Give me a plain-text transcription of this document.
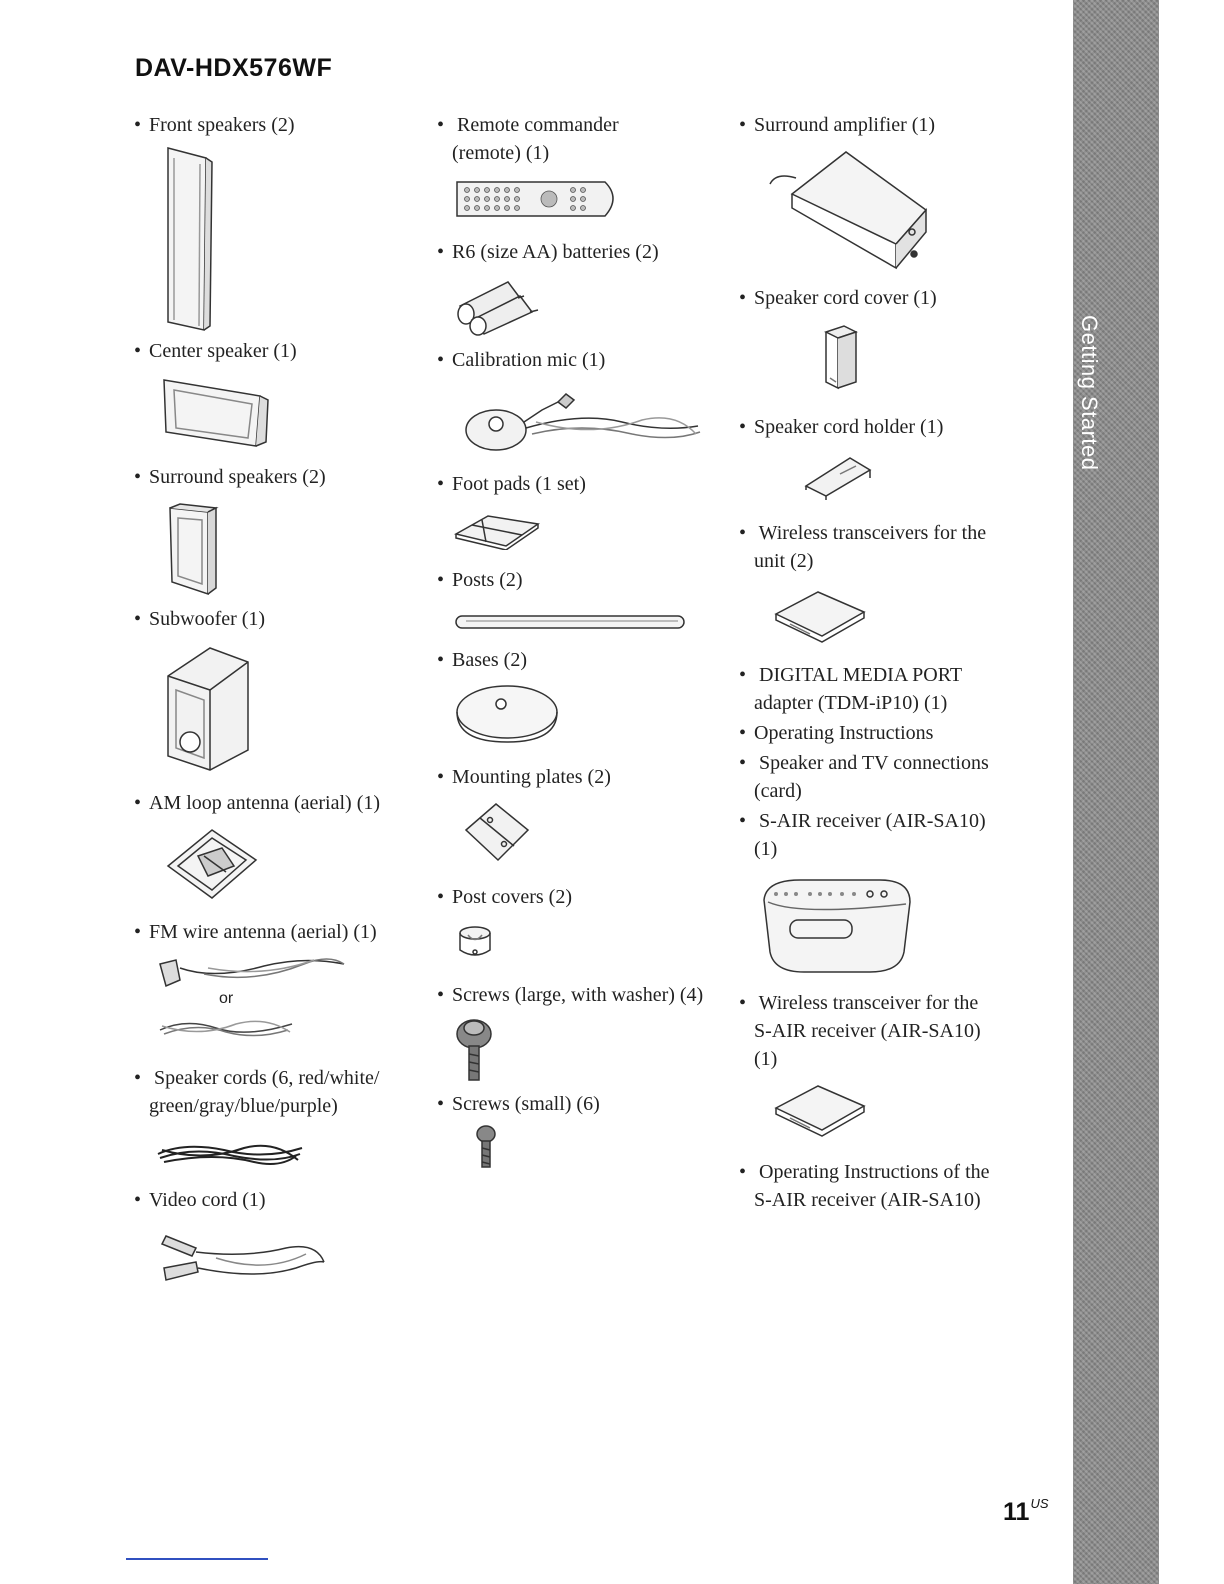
DAV-HDX576WF
• Front speakers (2)
• Center speaker (1)
• Surround speakers (2)
• Subwoofer (1)
• AM loop antenna (aerial) (1)
• FM wire antenna (aerial) (1)
or
• Speaker cords (6, red/white/
green/gray/blue/purple)
• Video cord (1)
• Remote commander
(remote) (1)
• R6 (size AA) batteries (2)
• Calibration mic (1)
• Foot pads (1 set)
• Posts (2)
• Bases (2)
• Mounting plates (2)
• Post covers (2)
• Screws (large, with washer) (4)
• Screws (small) (6)
• Surround amplifier (1)
• Speaker cord cover (1)
• Speaker cord holder (1)
• Wireless transceivers for the
unit (2)
• DIGITAL MEDIA PORT
adapter (TDM-iP10) (1)
• Operating Instructions
• Speaker and TV connections
(card)
• S-AIR receiver (AIR-SA10)
(1)
• Wireless transceiver for the
S-AIR receiver (AIR-SA10)
(1)
• Operating Instructions of the
S-AIR receiver (AIR-SA10)
Getting Started
$11^{US}$
